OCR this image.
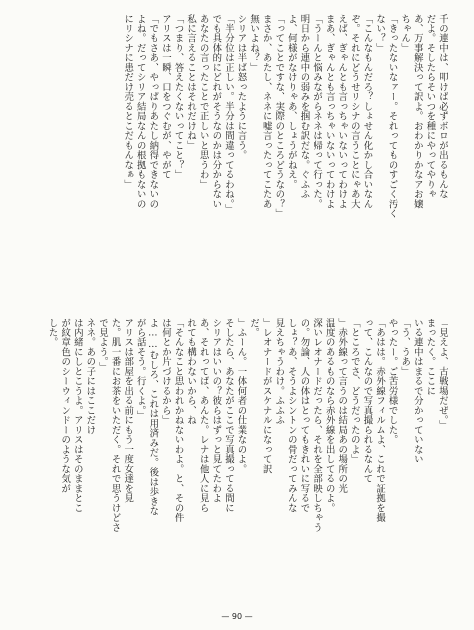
千の連中は、叩けば必ずボロが出るもんな
だよ。そしたらそいつを種にやってやりゃ
あ、万事解決って訳よ。おわかりかなアお嬢
ちゃん」
「きったないなァー。それってものすごく汚く
ない？」
「こんなもんだろ？しょせん化かし合いなん
ぞ。それにどうせリシナの言うことにゃあ大
えば、ぎゃんとも言っちゃいないってわけよ
まあ、ぎゃんとも言っちゃいないってわけよ
「うーんと悩みながらネネは帰って行った。
明日から連中の弱みを掴む訳だな。ぐふふ
よ、何様がなけりゃあ、しょうがねえ。
「ってことですな、実際のところどうなの？」
まさか、あたし、ネネに嘘言ったってこたあ
無いよね？」
シリアは半ば怒ったように言う。
「半分位は正しい。半分は間違ってるわね。」
でも具体的にどれがそうなのかは分からない
あなたの言ったことで正しいと思うわ」
私に言えることはそれだけね」
「つまり、答えたくないってこと？」
アリスは一瞬、口をつぐむが、やがて
「でもさあ、やっぱりあたし納得できないの
よね。だってシリア結局なんの根拠もないの
にリシナに患だけ売るとこだもんなぁ」
「見えよ、古戦場だぜ。」
まったく。ここに
いる連中はまるで分かっていない
「う、うあ」
やったー。ご苦労様でした。
「あはは。赤外線フィルムよ、これで証拠を撮
って、こんなので写真撮られるなんて
「ところでさ、どうだったのよ」
」赤外線って言うのは結局あの場所の光
温度のあるものなら赤外線を出してるのよ。
深いレオナードだったら、それを全部映しちゃう
の。勿論、人の体はとってもきれいに写るで
しょ？あ、そうよシントンの骨だってみんな
見えちゃうわけ。ふふふ
」レオナードがスケナルになって訳
だ。
」ふーん。一体何者の仕業なのよ。
そしたら、あなたがここで写真撮ってる間に
シリアはいいの？彼らはずっと見てたわよ
あ、それってば、あんた。レナは他人に見ら
れても構わないから、ね
「そんなこと思われかねないわよ。と、その件
は何とか片づけるから」
よ……むしろ、これは用済みだ。後は歩きな
がら話そう。行くよ。」
アリスは部屋を出る前にもう一度女達を見
た。肌一番にお茶をいただく。それで思うけどさ
で見よう。」
ネネ。あの子にはここだけ
は内緒にしとこうよ。アリスはそのままとこ
が紋章色のシーウィンドーのような気が
した。
— 90 —
